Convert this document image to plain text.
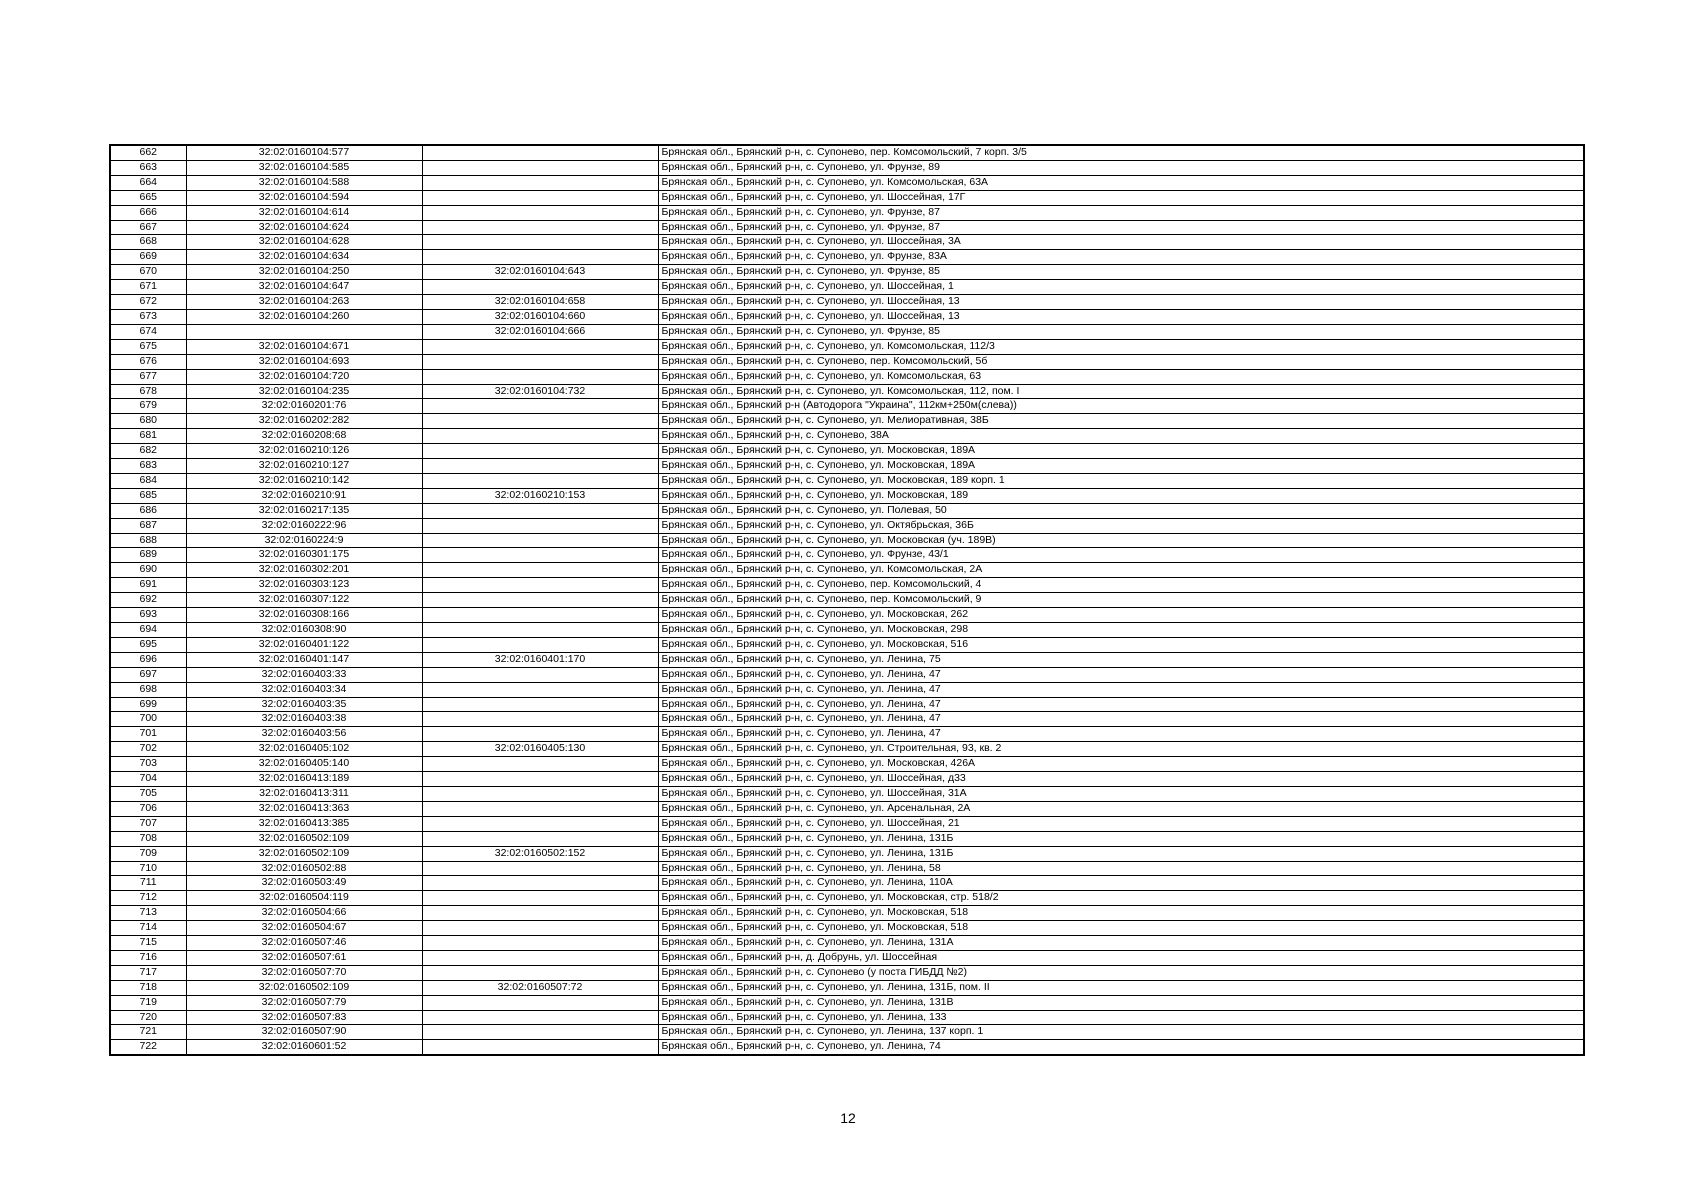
662	32:02:0160104:577		Брянская обл., Брянский р-н, с. Супонево, пер. Комсомольский, 7 корп. 3/5
663	32:02:0160104:585		Брянская обл., Брянский р-н, с. Супонево, ул. Фрунзе, 89
664	32:02:0160104:588		Брянская обл., Брянский р-н, с. Супонево, ул. Комсомольская, 63А
665	32:02:0160104:594		Брянская обл., Брянский р-н, с. Супонево, ул. Шоссейная, 17Г
666	32:02:0160104:614		Брянская обл., Брянский р-н, с. Супонево, ул. Фрунзе, 87
667	32:02:0160104:624		Брянская обл., Брянский р-н, с. Супонево, ул. Фрунзе, 87
668	32:02:0160104:628		Брянская обл., Брянский р-н, с. Супонево, ул. Шоссейная, 3А
669	32:02:0160104:634		Брянская обл., Брянский р-н, с. Супонево, ул. Фрунзе, 83А
670	32:02:0160104:250	32:02:0160104:643	Брянская обл., Брянский р-н, с. Супонево, ул. Фрунзе, 85
671	32:02:0160104:647		Брянская обл., Брянский р-н, с. Супонево, ул. Шоссейная, 1
672	32:02:0160104:263	32:02:0160104:658	Брянская обл., Брянский р-н, с. Супонево, ул. Шоссейная, 13
673	32:02:0160104:260	32:02:0160104:660	Брянская обл., Брянский р-н, с. Супонево, ул. Шоссейная, 13
674		32:02:0160104:666	Брянская обл., Брянский р-н, с. Супонево, ул. Фрунзе, 85
675	32:02:0160104:671		Брянская обл., Брянский р-н, с. Супонево, ул. Комсомольская, 112/3
676	32:02:0160104:693		Брянская обл., Брянский р-н, с. Супонево, пер. Комсомольский, 5б
677	32:02:0160104:720		Брянская обл., Брянский р-н, с. Супонево, ул. Комсомольская, 63
678	32:02:0160104:235	32:02:0160104:732	Брянская обл., Брянский р-н, с. Супонево, ул. Комсомольская, 112, пом. I
679	32:02:0160201:76		Брянская обл., Брянский р-н (Автодорога "Украина", 112км+250м(слева))
680	32:02:0160202:282		Брянская обл., Брянский р-н, с. Супонево, ул. Мелиоративная, 38Б
681	32:02:0160208:68		Брянская обл., Брянский р-н, с. Супонево, 38А
682	32:02:0160210:126		Брянская обл., Брянский р-н, с. Супонево, ул. Московская, 189А
683	32:02:0160210:127		Брянская обл., Брянский р-н, с. Супонево, ул. Московская, 189А
684	32:02:0160210:142		Брянская обл., Брянский р-н, с. Супонево, ул. Московская, 189 корп. 1
685	32:02:0160210:91	32:02:0160210:153	Брянская обл., Брянский р-н, с. Супонево, ул. Московская, 189
686	32:02:0160217:135		Брянская обл., Брянский р-н, с. Супонево, ул. Полевая, 50
687	32:02:0160222:96		Брянская обл., Брянский р-н, с. Супонево, ул. Октябрьская, 36Б
688	32:02:0160224:9		Брянская обл., Брянский р-н, с. Супонево, ул. Московская (уч. 189В)
689	32:02:0160301:175		Брянская обл., Брянский р-н, с. Супонево, ул. Фрунзе, 43/1
690	32:02:0160302:201		Брянская обл., Брянский р-н, с. Супонево, ул. Комсомольская, 2А
691	32:02:0160303:123		Брянская обл., Брянский р-н, с. Супонево, пер. Комсомольский, 4
692	32:02:0160307:122		Брянская обл., Брянский р-н, с. Супонево, пер. Комсомольский, 9
693	32:02:0160308:166		Брянская обл., Брянский р-н, с. Супонево, ул. Московская, 262
694	32:02:0160308:90		Брянская обл., Брянский р-н, с. Супонево, ул. Московская, 298
695	32:02:0160401:122		Брянская обл., Брянский р-н, с. Супонево, ул. Московская, 516
696	32:02:0160401:147	32:02:0160401:170	Брянская обл., Брянский р-н, с. Супонево, ул. Ленина, 75
697	32:02:0160403:33		Брянская обл., Брянский р-н, с. Супонево, ул. Ленина, 47
698	32:02:0160403:34		Брянская обл., Брянский р-н, с. Супонево, ул. Ленина, 47
699	32:02:0160403:35		Брянская обл., Брянский р-н, с. Супонево, ул. Ленина, 47
700	32:02:0160403:38		Брянская обл., Брянский р-н, с. Супонево, ул. Ленина, 47
701	32:02:0160403:56		Брянская обл., Брянский р-н, с. Супонево, ул. Ленина, 47
702	32:02:0160405:102	32:02:0160405:130	Брянская обл., Брянский р-н, с. Супонево, ул. Строительная, 93, кв. 2
703	32:02:0160405:140		Брянская обл., Брянский р-н, с. Супонево, ул. Московская, 426А
704	32:02:0160413:189		Брянская обл., Брянский р-н, с. Супонево, ул. Шоссейная, д33
705	32:02:0160413:311		Брянская обл., Брянский р-н, с. Супонево, ул. Шоссейная, 31А
706	32:02:0160413:363		Брянская обл., Брянский р-н, с. Супонево, ул. Арсенальная, 2А
707	32:02:0160413:385		Брянская обл., Брянский р-н, с. Супонево, ул. Шоссейная, 21
708	32:02:0160502:109		Брянская обл., Брянский р-н, с. Супонево, ул. Ленина, 131Б
709	32:02:0160502:109	32:02:0160502:152	Брянская обл., Брянский р-н, с. Супонево, ул. Ленина, 131Б
710	32:02:0160502:88		Брянская обл., Брянский р-н, с. Супонево, ул. Ленина, 58
711	32:02:0160503:49		Брянская обл., Брянский р-н, с. Супонево, ул. Ленина, 110А
712	32:02:0160504:119		Брянская обл., Брянский р-н, с. Супонево, ул. Московская, стр. 518/2
713	32:02:0160504:66		Брянская обл., Брянский р-н, с. Супонево, ул. Московская, 518
714	32:02:0160504:67		Брянская обл., Брянский р-н, с. Супонево, ул. Московская, 518
715	32:02:0160507:46		Брянская обл., Брянский р-н, с. Супонево, ул. Ленина, 131А
716	32:02:0160507:61		Брянская обл., Брянский р-н, д. Добрунь, ул. Шоссейная
717	32:02:0160507:70		Брянская обл., Брянский р-н, с. Супонево (у поста ГИБДД №2)
718	32:02:0160502:109	32:02:0160507:72	Брянская обл., Брянский р-н, с. Супонево, ул. Ленина, 131Б, пом. II
719	32:02:0160507:79		Брянская обл., Брянский р-н, с. Супонево, ул. Ленина, 131В
720	32:02:0160507:83		Брянская обл., Брянский р-н, с. Супонево, ул. Ленина, 133
721	32:02:0160507:90		Брянская обл., Брянский р-н, с. Супонево, ул. Ленина, 137 корп. 1
722	32:02:0160601:52		Брянская обл., Брянский р-н, с. Супонево, ул. Ленина, 74
12
